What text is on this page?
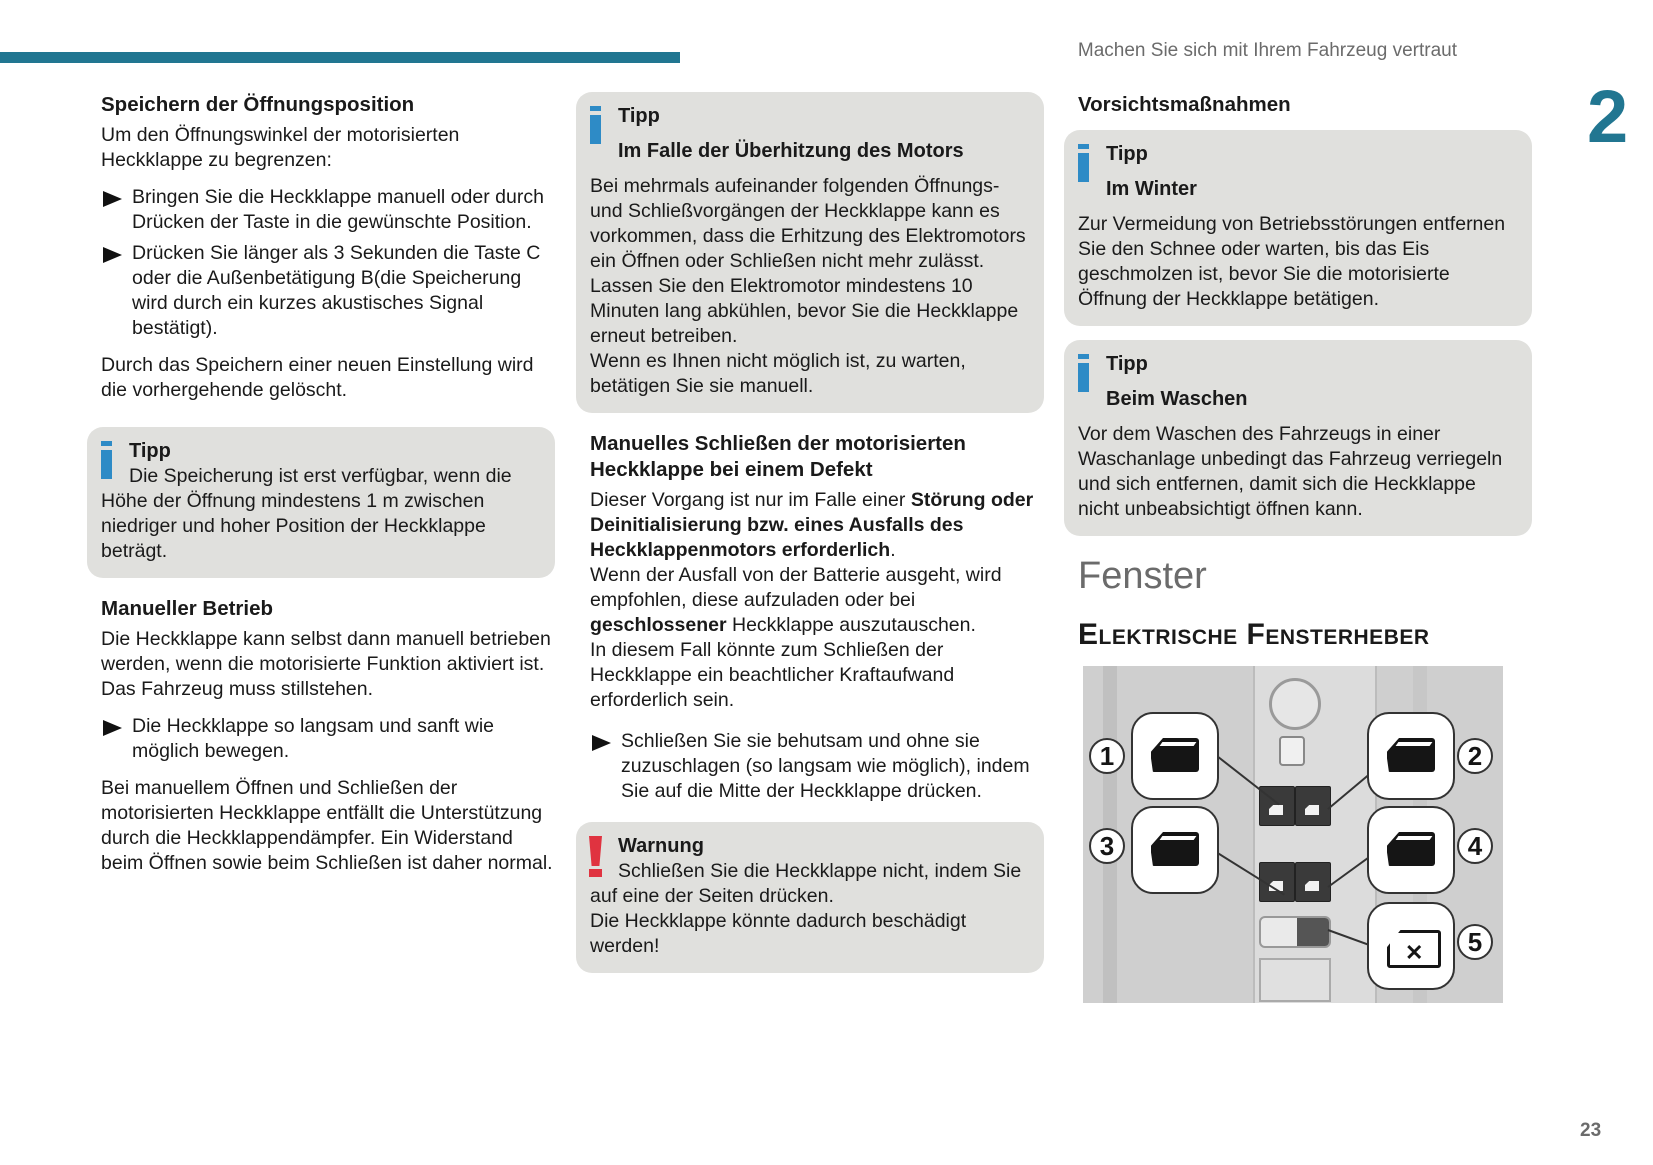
Machen Sie sich mit Ihrem Fahrzeug vertraut
2
Speichern der Öffnungsposition

Um den Öffnungswinkel der motorisierten Heckklappe zu begrenzen:

Bringen Sie die Heckklappe manuell oder durch Drücken der Taste in die gewünschte Position.
Drücken Sie länger als 3 Sekunden die Taste C oder die Außenbetätigung B(die Speicherung wird durch ein kurzes akustisches Signal bestätigt).

Durch das Speichern einer neuen Einstellung wird die vorhergehende gelöscht.

Tipp
Die Speicherung ist erst verfügbar, wenn die Höhe der Öffnung mindestens 1 m zwischen niedriger und hoher Position der Heckklappe beträgt.
Manueller Betrieb

Die Heckklappe kann selbst dann manuell betrieben werden, wenn die motorisierte Funktion aktiviert ist.
Das Fahrzeug muss stillstehen.

Die Heckklappe so langsam und sanft wie möglich bewegen.

Bei manuellem Öffnen und Schließen der motorisierten Heckklappe entfällt die Unterstützung durch die Heckklappendämpfer. Ein Widerstand beim Öffnen sowie beim Schließen ist daher normal.

Tipp
Im Falle der Überhitzung des Motors
Bei mehrmals aufeinander folgenden Öffnungs- und Schließvorgängen der Heckklappe kann es vorkommen, dass die Erhitzung des Elektromotors ein Öffnen oder Schließen nicht mehr zulässt.
Lassen Sie den Elektromotor mindestens 10 Minuten lang abkühlen, bevor Sie die Heckklappe erneut betreiben.
Wenn es Ihnen nicht möglich ist, zu warten, betätigen Sie sie manuell.
Manuelles Schließen der motorisierten Heckklappe bei einem Defekt

Dieser Vorgang ist nur im Falle einer Störung oder Deinitialisierung bzw. eines Ausfalls des Heckklappenmotors erforderlich.
Wenn der Ausfall von der Batterie ausgeht, wird empfohlen, diese aufzuladen oder bei geschlossener Heckklappe auszutauschen.
In diesem Fall könnte zum Schließen der Heckklappe ein beachtlicher Kraftaufwand erforderlich sein.

Schließen Sie sie behutsam und ohne sie zuzuschlagen (so langsam wie möglich), indem Sie auf die Mitte der Heckklappe drücken.
Warnung
Schließen Sie die Heckklappe nicht, indem Sie auf eine der Seiten drücken.
Die Heckklappe könnte dadurch beschädigt werden!
Vorsichtsmaßnahmen
Tipp
Im Winter
Zur Vermeidung von Betriebsstörungen entfernen Sie den Schnee oder warten, bis das Eis geschmolzen ist, bevor Sie die motorisierte Öffnung der Heckklappe betätigen.
Tipp
Beim Waschen
Vor dem Waschen des Fahrzeugs in einer Waschanlage unbedingt das Fahrzeug verriegeln und sich entfernen, damit sich die Heckklappe nicht unbeabsichtigt öffnen kann.
Fenster
Elektrische Fensterheber
✕
1	2
3	4
5
23
